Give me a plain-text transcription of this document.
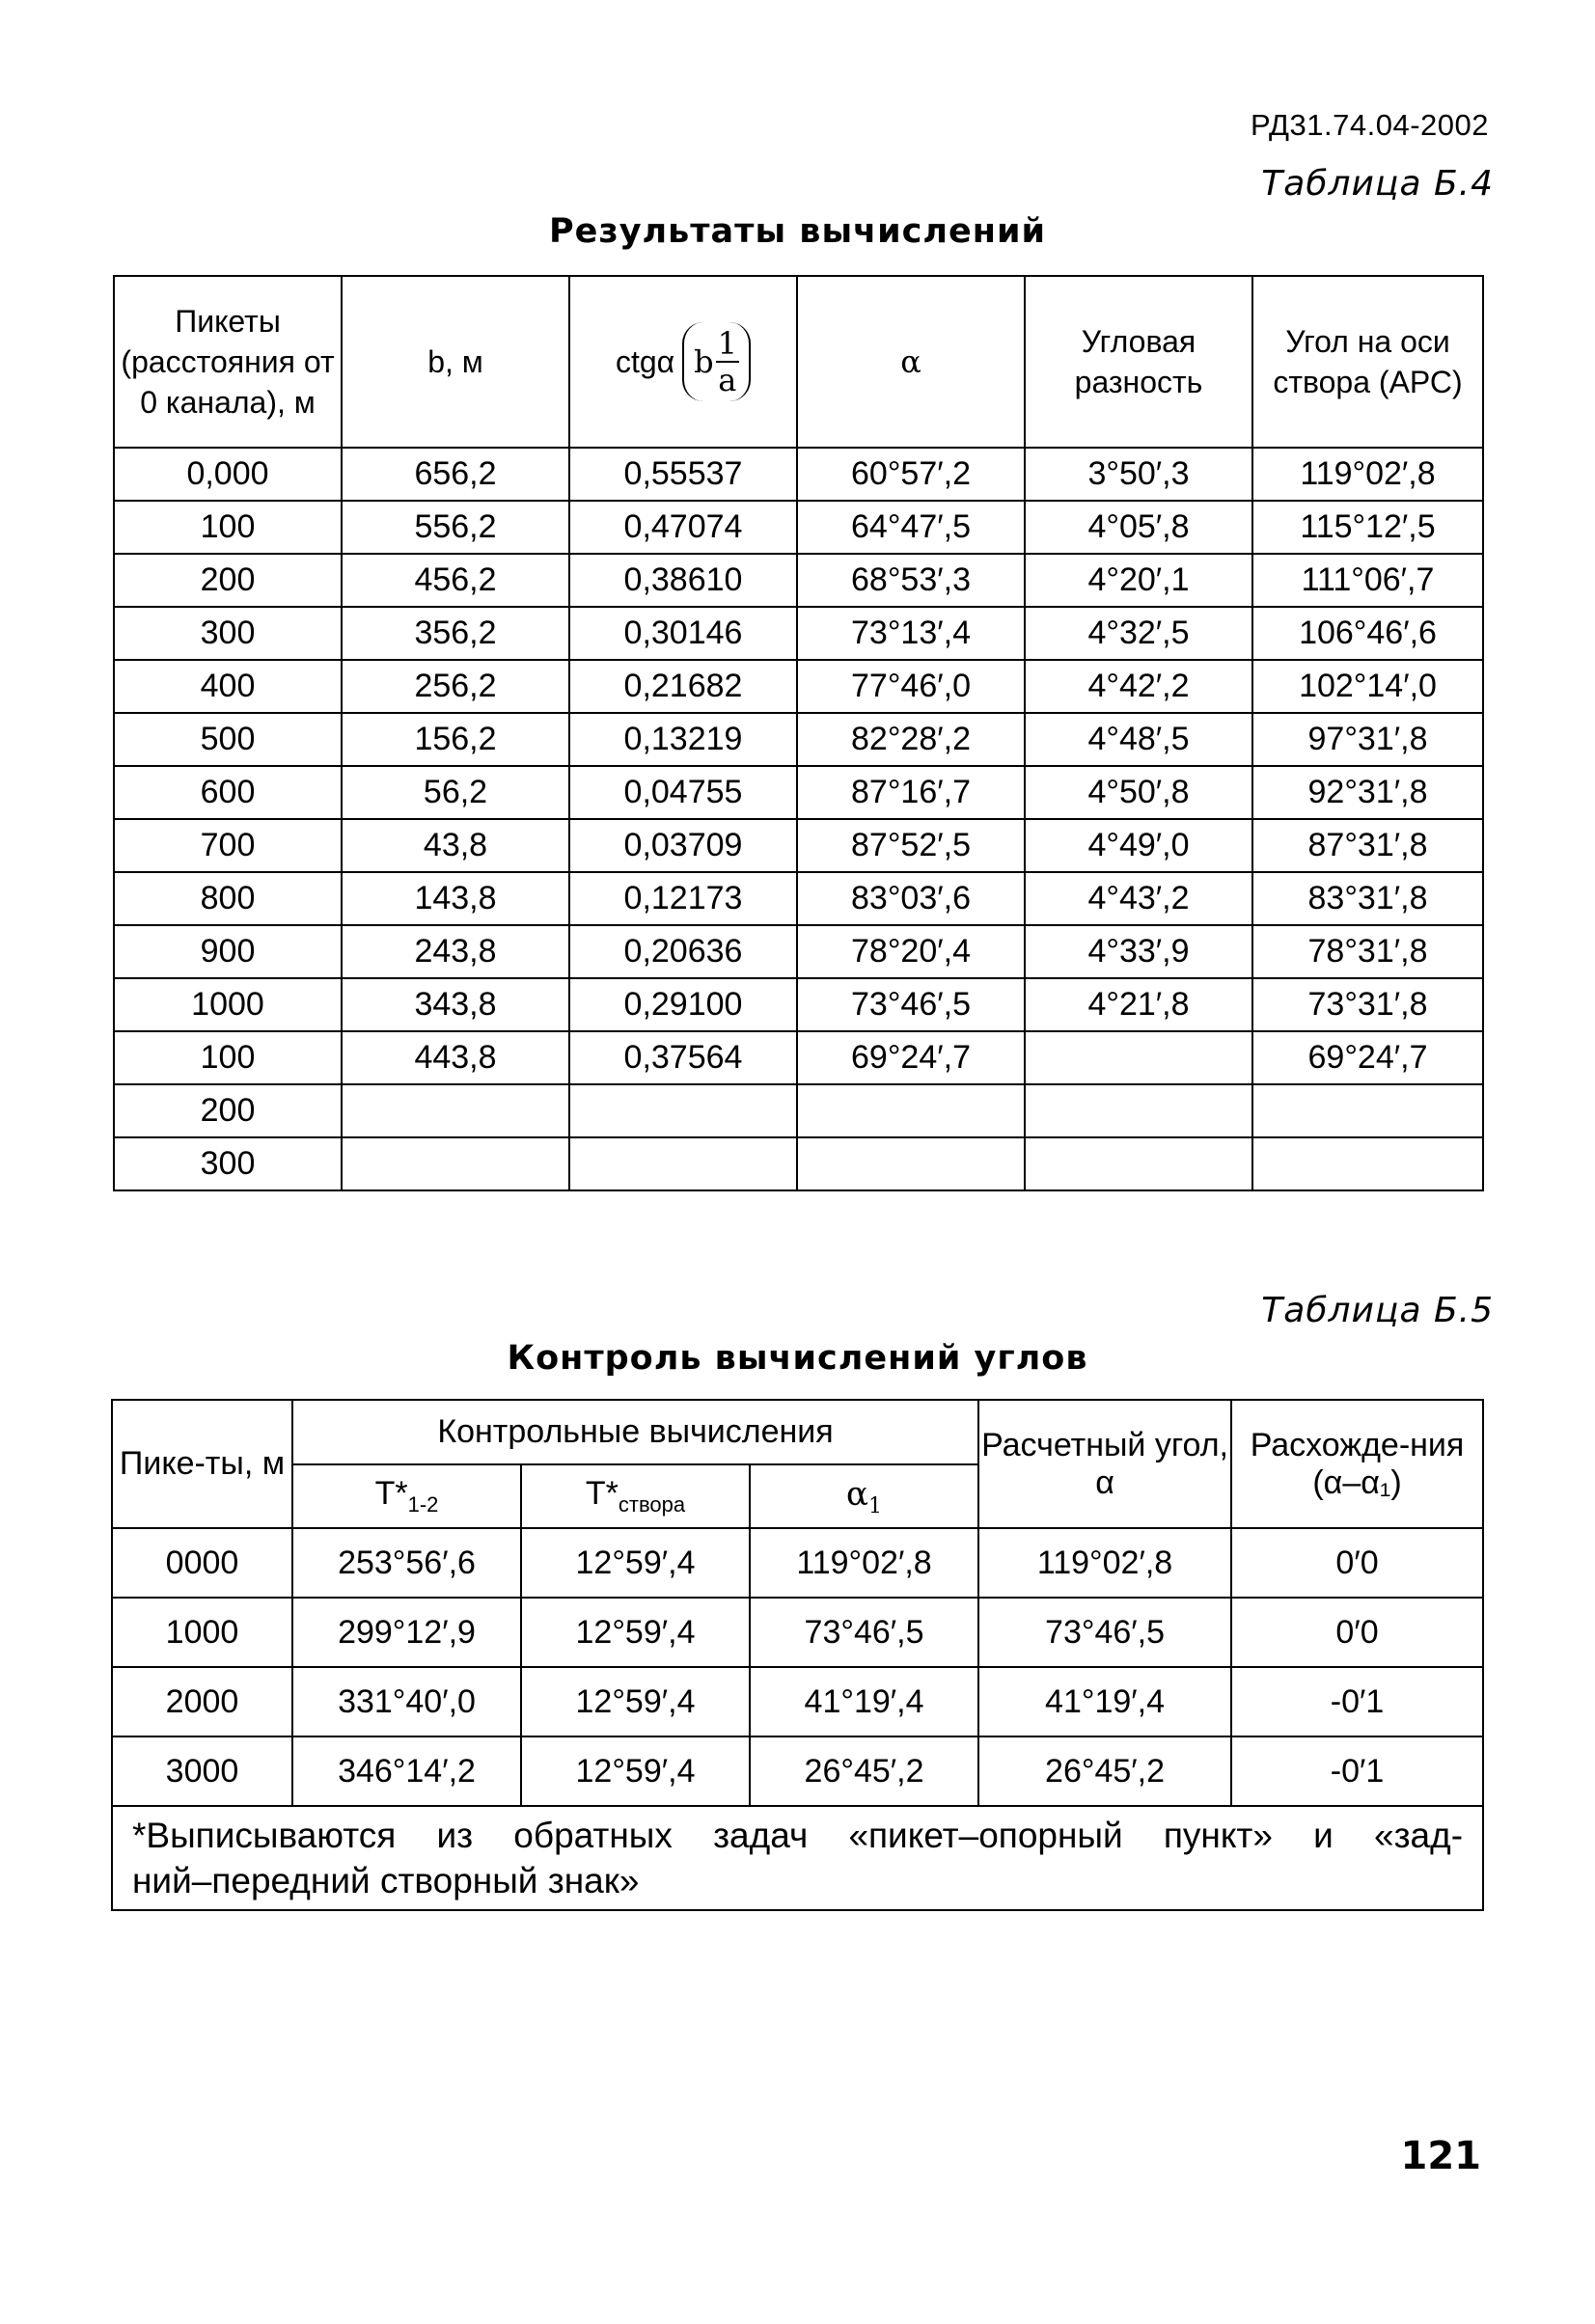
РД31.74.04-2002
Таблица Б.4
Результаты вычислений
Пикеты (расстояния от 0 канала), м	b, м	ctgα b $\frac{1}{a}$	α	Угловая разность	Угол на оси створа (АРС)
0,000	656,2	0,55537	60°57′,2	3°50′,3	119°02′,8
100	556,2	0,47074	64°47′,5	4°05′,8	115°12′,5
200	456,2	0,38610	68°53′,3	4°20′,1	111°06′,7
300	356,2	0,30146	73°13′,4	4°32′,5	106°46′,6
400	256,2	0,21682	77°46′,0	4°42′,2	102°14′,0
500	156,2	0,13219	82°28′,2	4°48′,5	97°31′,8
600	56,2	0,04755	87°16′,7	4°50′,8	92°31′,8
700	43,8	0,03709	87°52′,5	4°49′,0	87°31′,8
800	143,8	0,12173	83°03′,6	4°43′,2	83°31′,8
900	243,8	0,20636	78°20′,4	4°33′,9	78°31′,8
1000	343,8	0,29100	73°46′,5	4°21′,8	73°31′,8
100	443,8	0,37564	69°24′,7		69°24′,7
200					
300					
Таблица Б.5
Контроль вычислений углов
Пике-ты, м	Контрольные вычисления			Расчетный угол, α	Расхожде-ния (α–α₁)
	$T*_{1-2}$	$T*_{створа}$	$\alpha_1$
0000	253°56′,6	12°59′,4	119°02′,8	119°02′,8	0′0
1000	299°12′,9	12°59′,4	73°46′,5	73°46′,5	0′0
2000	331°40′,0	12°59′,4	41°19′,4	41°19′,4	-0′1
3000	346°14′,2	12°59′,4	26°45′,2	26°45′,2	-0′1

*Выписываются из обратных задач «пикет–опорный пункт» и «зад-
ний–передний створный знак»					
121
